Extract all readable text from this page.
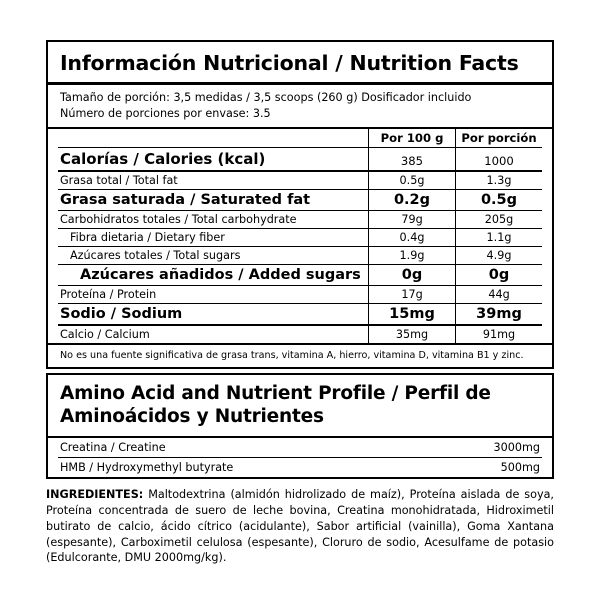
Información Nutricional / Nutrition Facts
Tamaño de porción: 3,5 medidas / 3,5 scoops (260 g) Dosificador incluido
Número de porciones por envase: 3.5
	Por 100 g	Por porción
Calorías / Calories (kcal)	385	1000
Grasa total / Total fat	0.5g	1.3g
Grasa saturada / Saturated fat	0.2g	0.5g
Carbohidratos totales / Total carbohydrate	79g	205g
Fibra dietaria / Dietary fiber	0.4g	1.1g
Azúcares totales / Total sugars	1.9g	4.9g
Azúcares añadidos / Added sugars	0g	0g
Proteína / Protein	17g	44g
Sodio / Sodium	15mg	39mg
Calcio / Calcium	35mg	91mg
No es una fuente significativa de grasa trans, vitamina A, hierro, vitamina D, vitamina B1 y zinc.
Amino Acid and Nutrient Profile / Perfil de Aminoácidos y Nutrientes
Creatina / Creatine	3000mg
HMB / Hydroxymethyl butyrate	500mg
INGREDIENTES: Maltodextrina (almidón hidrolizado de maíz), Proteína aislada de soya, Proteína concentrada de suero de leche bovina, Creatina monohidratada, Hidroximetil butirato de calcio, ácido cítrico (acidulante), Sabor artificial (vainilla), Goma Xantana (espesante), Carboximetil celulosa (espesante), Cloruro de sodio, Acesulfame de potasio (Edulcorante, DMU 2000mg/kg).
